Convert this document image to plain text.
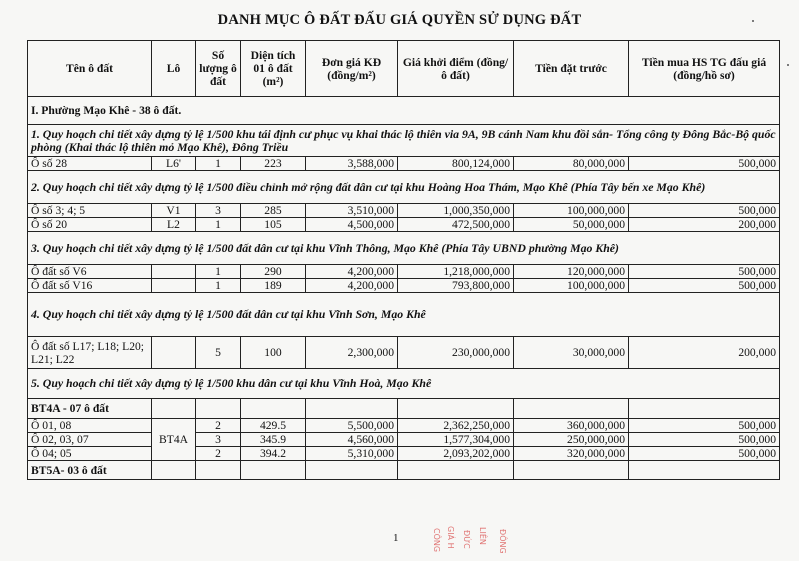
DANH MỤC Ô ĐẤT ĐẤU GIÁ QUYỀN SỬ DỤNG ĐẤT
Tên ô đất	Lô	Số lượng ô đất	Diện tích 01 ô đất (m²)	Đơn giá KĐ (đồng/m²)	Giá khởi điểm (đồng/ô đất)	Tiền đặt trước	Tiền mua HS TG đấu giá (đồng/hồ sơ)
I. Phường Mạo Khê - 38 ô đất.							
1. Quy hoạch chi tiết xây dựng tỷ lệ 1/500 khu tái định cư phục vụ khai thác lộ thiên via 9A, 9B cánh Nam khu đồi sắn- Tổng công ty Đông Bắc-Bộ quốc phòng (Khai thác lộ thiên mỏ Mạo Khê), Đông Triều							
Ô số 28	L6'	1	223	3,588,000	800,124,000	80,000,000	500,000
2. Quy hoạch chi tiết xây dựng tỷ lệ 1/500 điều chỉnh mở rộng đất dân cư tại khu Hoàng Hoa Thám, Mạo Khê (Phía Tây bến xe Mạo Khê)							
Ô số 3; 4; 5	V1	3	285	3,510,000	1,000,350,000	100,000,000	500,000
Ô số 20	L2	1	105	4,500,000	472,500,000	50,000,000	200,000
3. Quy hoạch chi tiết xây dựng tỷ lệ 1/500 đất dân cư tại khu Vĩnh Thông, Mạo Khê (Phía Tây UBND phường Mạo Khê)							
Ô đất số V6		1	290	4,200,000	1,218,000,000	120,000,000	500,000
Ô đất số V16		1	189	4,200,000	793,800,000	100,000,000	500,000
4. Quy hoạch chi tiết xây dựng tỷ lệ 1/500 đất dân cư tại khu Vĩnh Sơn, Mạo Khê							
Ô đất số L17; L18; L20; L21; L22		5	100	2,300,000	230,000,000	30,000,000	200,000
5. Quy hoạch chi tiết xây dựng tỷ lệ 1/500 khu dân cư tại khu Vĩnh Hoà, Mạo Khê							
BT4A - 07 ô đất							
Ô 01, 08	BT4A	2	429.5	5,500,000	2,362,250,000	360,000,000	500,000
Ô 02, 03, 07		3	345.9	4,560,000	1,577,304,000	250,000,000	500,000
Ô 04; 05		2	394.2	5,310,000	2,093,202,000	320,000,000	500,000
BT5A- 03 ô đất							
1	CÔNG GIÁ H ĐỨC LIÊN ĐÔNG
